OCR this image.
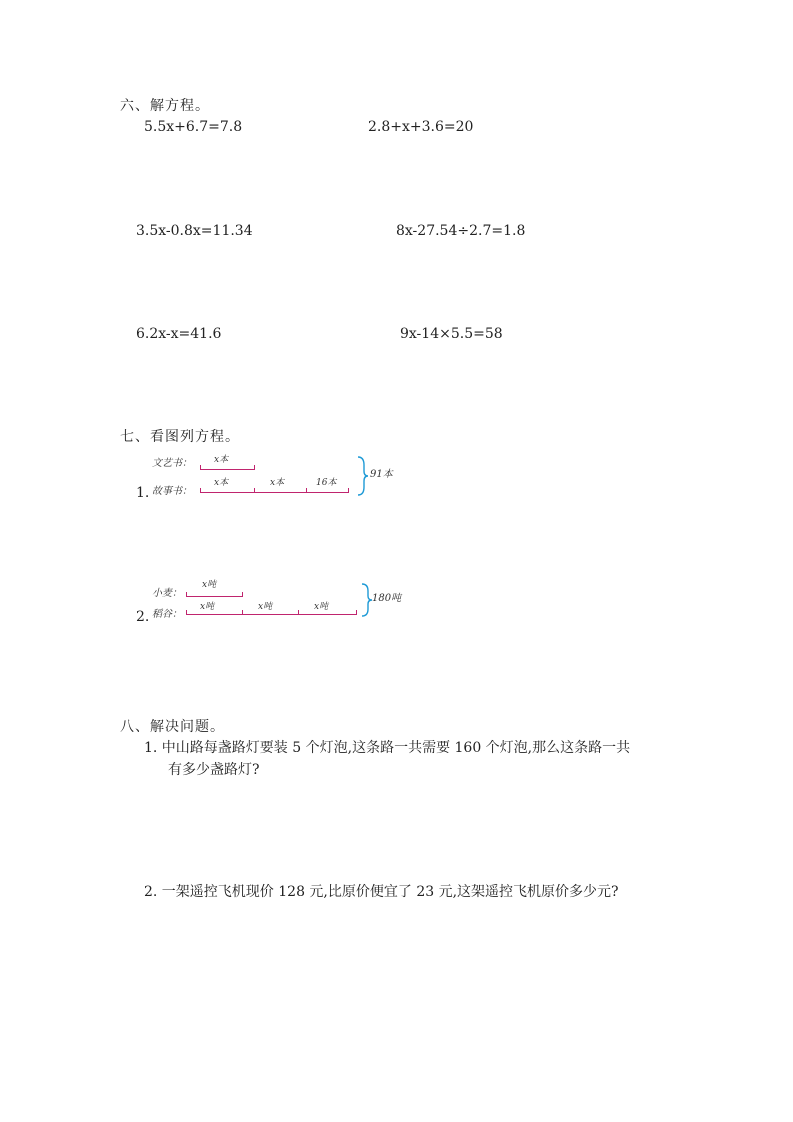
六、解方程。
5.5x+6.7=7.8	2.8+x+3.6=20
3.5x-0.8x=11.34	8x-27.54÷2.7=1.8
6.2x-x=41.6	9x-14×5.5=58
七、看图列方程。
1.
文艺书：
故事书：
x本
x本	x本	16本
91本
2.
小麦：
稻谷：
x吨
x吨	x吨	x吨
180吨
八、解决问题。
1. 中山路每盏路灯要装 5 个灯泡,这条路一共需要 160 个灯泡,那么这条路一共
有多少盏路灯?
2. 一架遥控飞机现价 128 元,比原价便宜了 23 元,这架遥控飞机原价多少元?
